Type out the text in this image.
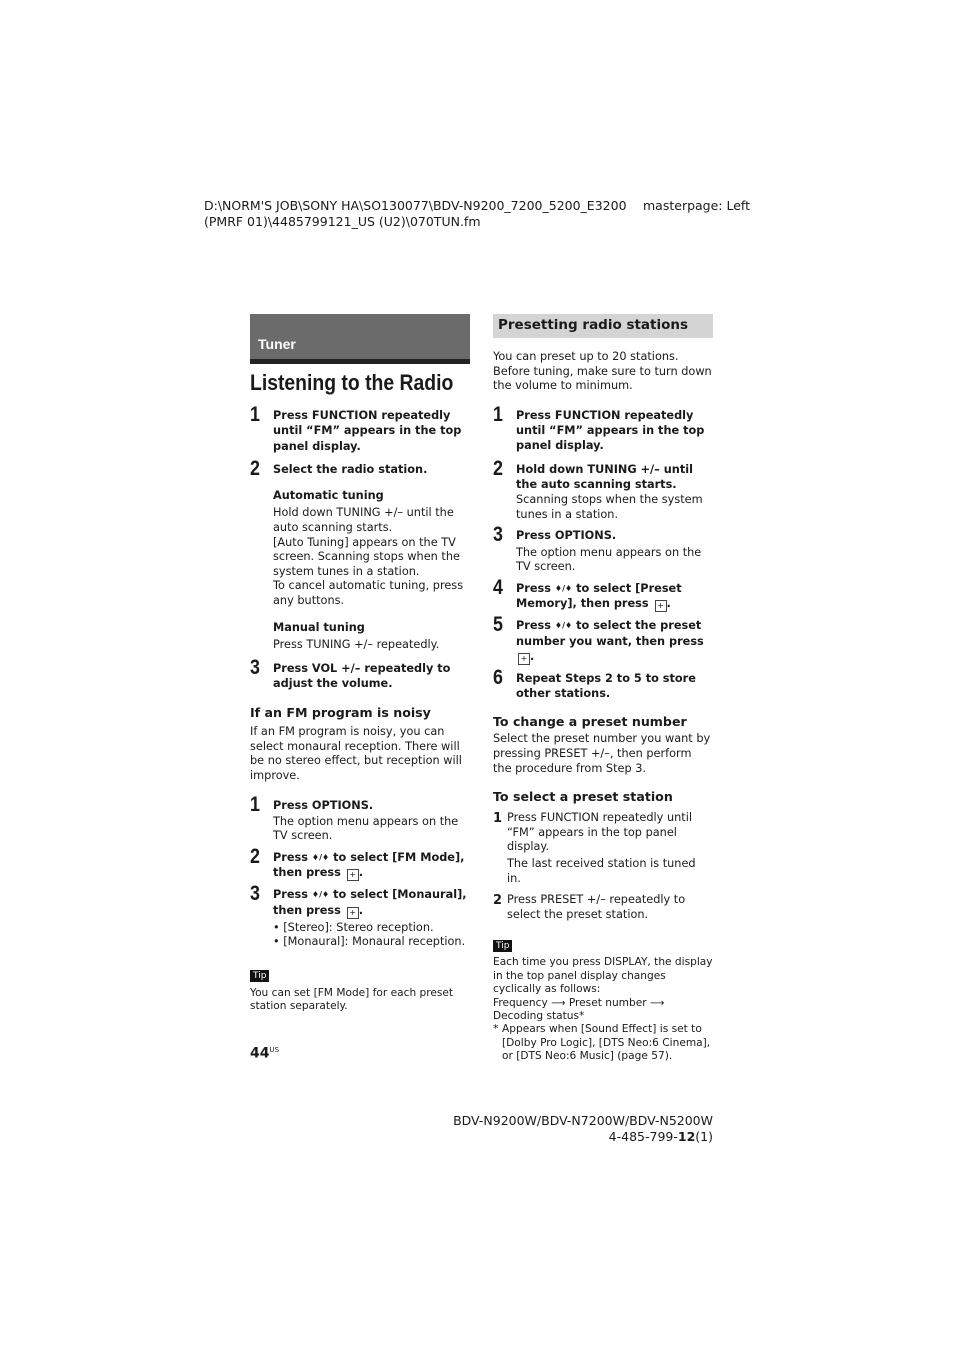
D:\NORM'S JOB\SONY HA\SO130077\BDV-N9200_7200_5200_E3200
(PMRF 01)\4485799121_US (U2)\070TUN.fm
masterpage: Left
Tuner
Listening to the Radio
1 Press FUNCTION repeatedly until “FM” appears in the top panel display.

2 Select the radio station.

Automatic tuning

Hold down TUNING +/– until the auto scanning starts.
[Auto Tuning] appears on the TV screen. Scanning stops when the system tunes in a station.
To cancel automatic tuning, press any buttons.

Manual tuning

Press TUNING +/– repeatedly.

3 Press VOL +/– repeatedly to adjust the volume.

If an FM program is noisy

If an FM program is noisy, you can select monaural reception. There will be no stereo effect, but reception will improve.

1 Press OPTIONS.

The option menu appears on the TV screen.

2 Press ♦/♦ to select [FM Mode], then press + .

3 Press ♦/♦ to select [Monaural], then press + .

• [Stereo]: Stereo reception.

• [Monaural]: Monaural reception.

Tip

You can set [FM Mode] for each preset station separately.

Presetting radio stations

You can preset up to 20 stations. Before tuning, make sure to turn down the volume to minimum.

1 Press FUNCTION repeatedly until “FM” appears in the top panel display.

2 Hold down TUNING +/– until the auto scanning starts.

Scanning stops when the system tunes in a station.

3 Press OPTIONS.

The option menu appears on the TV screen.

4 Press ♦/♦ to select [Preset Memory], then press + .

5 Press ♦/♦ to select the preset number you want, then press + .

6 Repeat Steps 2 to 5 to store other stations.

To change a preset number

Select the preset number you want by pressing PRESET +/–, then perform the procedure from Step 3.

To select a preset station

1 Press FUNCTION repeatedly until “FM” appears in the top panel display.

The last received station is tuned in.

2 Press PRESET +/– repeatedly to select the preset station.

Tip

Each time you press DISPLAY, the display in the top panel display changes cyclically as follows:

Frequency ⟶ Preset number ⟶ Decoding status*

* Appears when [Sound Effect] is set to [Dolby Pro Logic], [DTS Neo:6 Cinema], or [DTS Neo:6 Music] (page 57).
$44^{US}$
BDV-N9200W/BDV-N7200W/BDV-N5200W
4-485-799-12(1)
